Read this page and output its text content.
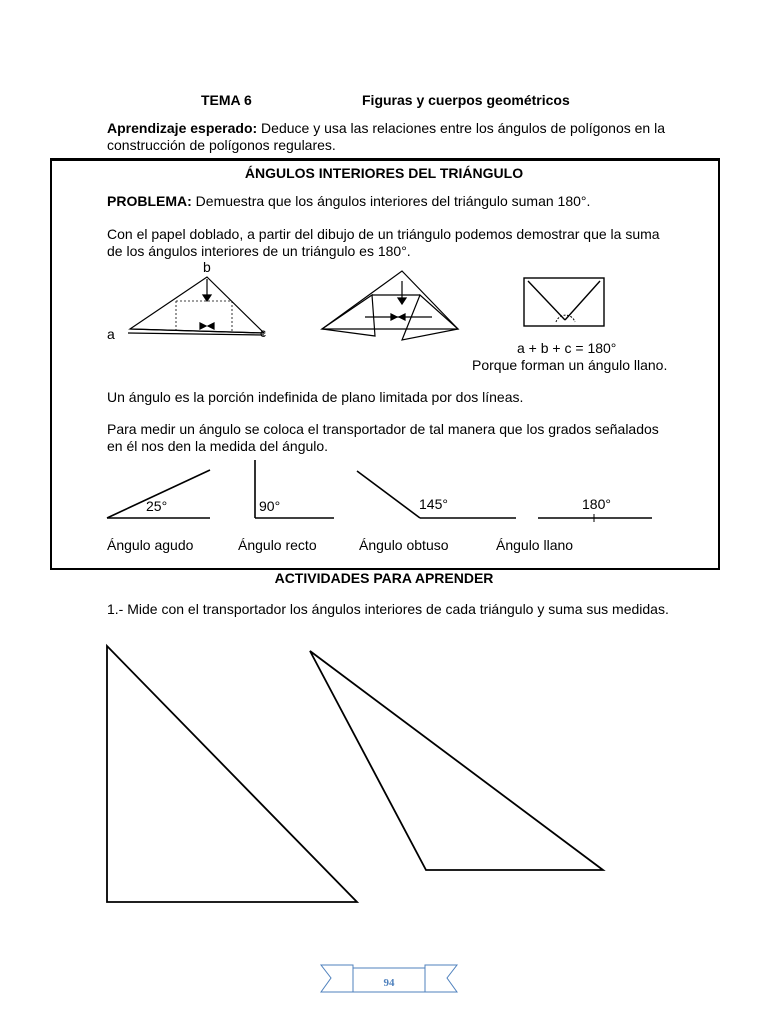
TEMA 6	Figuras y cuerpos geométricos
Aprendizaje esperado: Deduce y usa las relaciones entre los ángulos de polígonos en la
construcción de polígonos regulares.
ÁNGULOS INTERIORES DEL TRIÁNGULO
PROBLEMA: Demuestra que los ángulos interiores del triángulo suman 180°.
Con el papel doblado, a partir del dibujo de un triángulo podemos demostrar que la suma
de los ángulos interiores de un triángulo es 180°.
a
b
c
a + b + c = 180°
Porque forman un ángulo llano.
Un ángulo es la porción indefinida de plano limitada por dos líneas.
Para medir un ángulo se coloca el transportador de tal manera que los grados señalados
en él nos den la medida del ángulo.
25°	90°	145°	180°
Ángulo agudo	Ángulo recto	Ángulo obtuso	Ángulo llano
ACTIVIDADES PARA APRENDER
1.- Mide con el transportador los ángulos interiores de cada triángulo y suma sus medidas.
94
